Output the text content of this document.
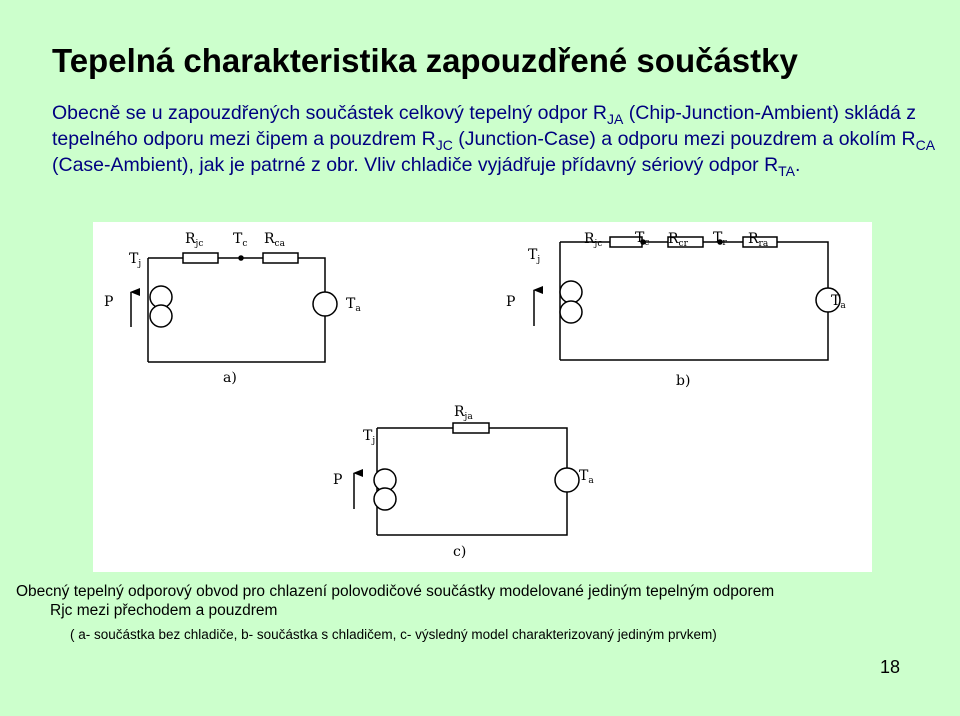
Tepelná charakteristika zapouzdřené součástky

Obecně se u zapouzdřených součástek celkový tepelný odpor $R_{JA}$ (Chip-Junction-Ambient) skládá z tepelného odporu mezi čipem a pouzdrem $R_{JC}$ (Junction-Case) a odporu mezi pouzdrem a okolím $R_{CA}$ (Case-Ambient), jak je patrné z obr. Vliv chladiče vyjádřuje přídavný sériový odpor $R_{TA}$.

$R_{jc}$ $T_c$ $R_{ca}$
$T_j$
P	$T_a$
a)
$R_{jc}$ $T_c$ $R_{cr}$ $T_r$ $R_{ra}$
$T_j$
P	$T_a$
b)
$R_{ja}$
$T_j$
P	$T_a$
c)

Obecný tepelný odporový obvod pro chlazení polovodičové součástky modelované jediným tepelným odporem
Rjc mezi přechodem a pouzdrem

( a- součástka bez chladiče, b- součástka s chladičem, c- výsledný model charakterizovaný jediným prvkem)

18
